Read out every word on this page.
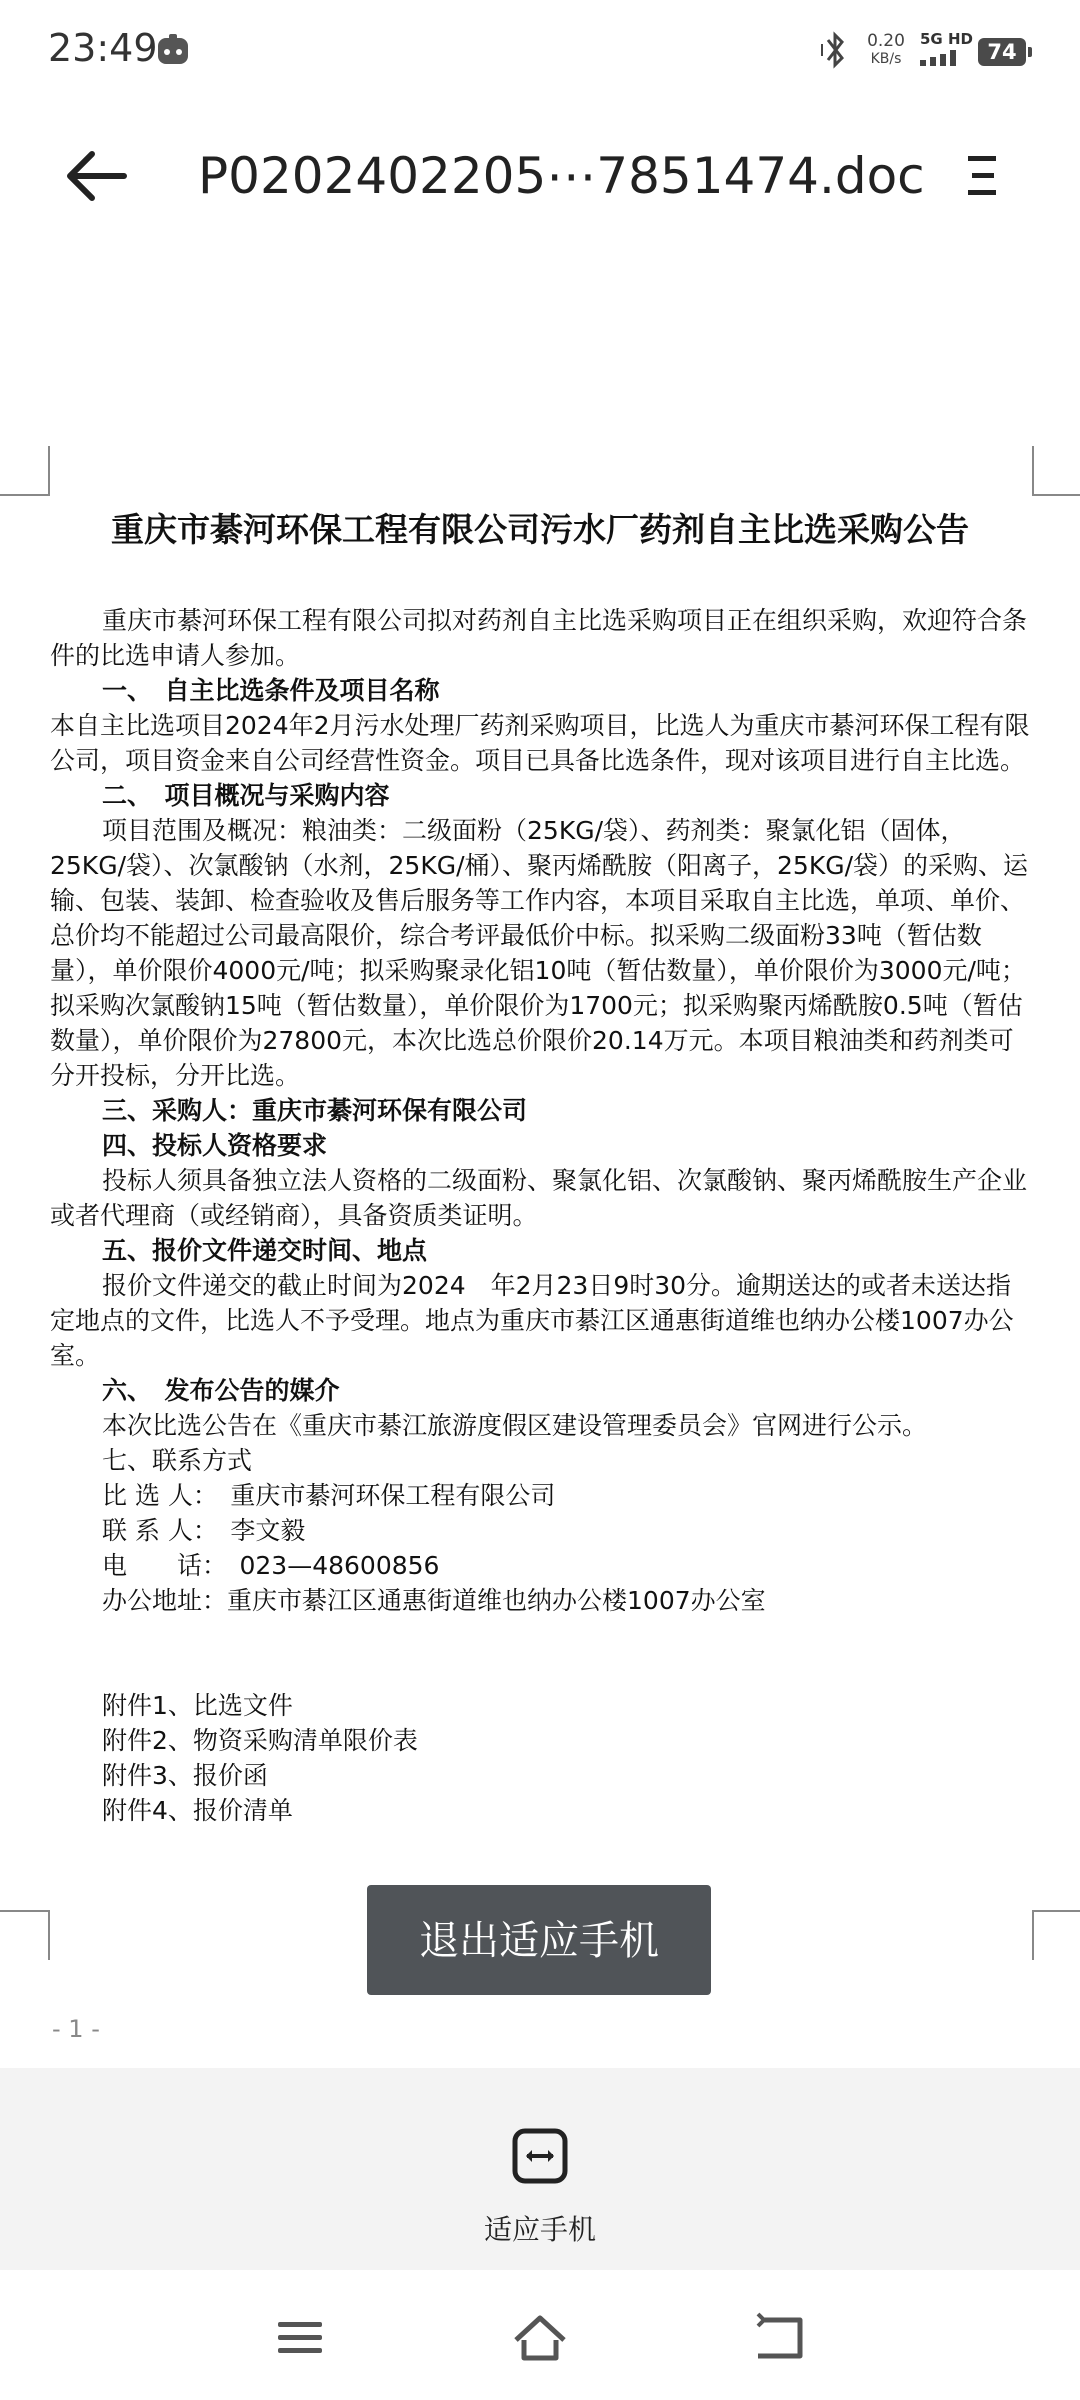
23:49	0.20
KB/s
5G HD
74
P0202402205⋯7851474.doc
重庆市綦河环保工程有限公司污水厂药剂自主比选采购公告

重庆市綦河环保工程有限公司拟对药剂自主比选采购项目正在组织采购，欢迎符合条件的比选申请人参加。

一、　自主比选条件及项目名称

本自主比选项目2024年2月污水处理厂药剂采购项目，比选人为重庆市綦河环保工程有限公司，项目资金来自公司经营性资金。项目已具备比选条件，现对该项目进行自主比选。

二、　项目概况与采购内容

项目范围及概况：粮油类：二级面粉（25KG/袋）、药剂类：聚氯化铝（固体，25KG/袋）、次氯酸钠（水剂，25KG/桶）、聚丙烯酰胺（阳离子，25KG/袋）的采购、运输、包装、装卸、检查验收及售后服务等工作内容，本项目采取自主比选，单项、单价、总价均不能超过公司最高限价，综合考评最低价中标。拟采购二级面粉33吨（暂估数量），单价限价4000元/吨；拟采购聚录化铝10吨（暂估数量），单价限价为3000元/吨；拟采购次氯酸钠15吨（暂估数量），单价限价为1700元；拟采购聚丙烯酰胺0.5吨（暂估数量），单价限价为27800元，本次比选总价限价20.14万元。本项目粮油类和药剂类可分开投标，分开比选。

三、采购人：重庆市綦河环保有限公司

四、投标人资格要求

投标人须具备独立法人资格的二级面粉、聚氯化铝、次氯酸钠、聚丙烯酰胺生产企业或者代理商（或经销商），具备资质类证明。

五、报价文件递交时间、地点

报价文件递交的截止时间为2024　年2月23日9时30分。逾期送达的或者未送达指定地点的文件，比选人不予受理。地点为重庆市綦江区通惠街道维也纳办公楼1007办公室。

六、　发布公告的媒介

本次比选公告在《重庆市綦江旅游度假区建设管理委员会》官网进行公示。

七、联系方式

比 选 人：　重庆市綦河环保工程有限公司

联 系 人：　李文毅

电　　话：　023—48600856

办公地址：重庆市綦江区通惠街道维也纳办公楼1007办公室

附件1、比选文件

附件2、物资采购清单限价表

附件3、报价函

附件4、报价清单

退出适应手机
- 1 -
适应手机
